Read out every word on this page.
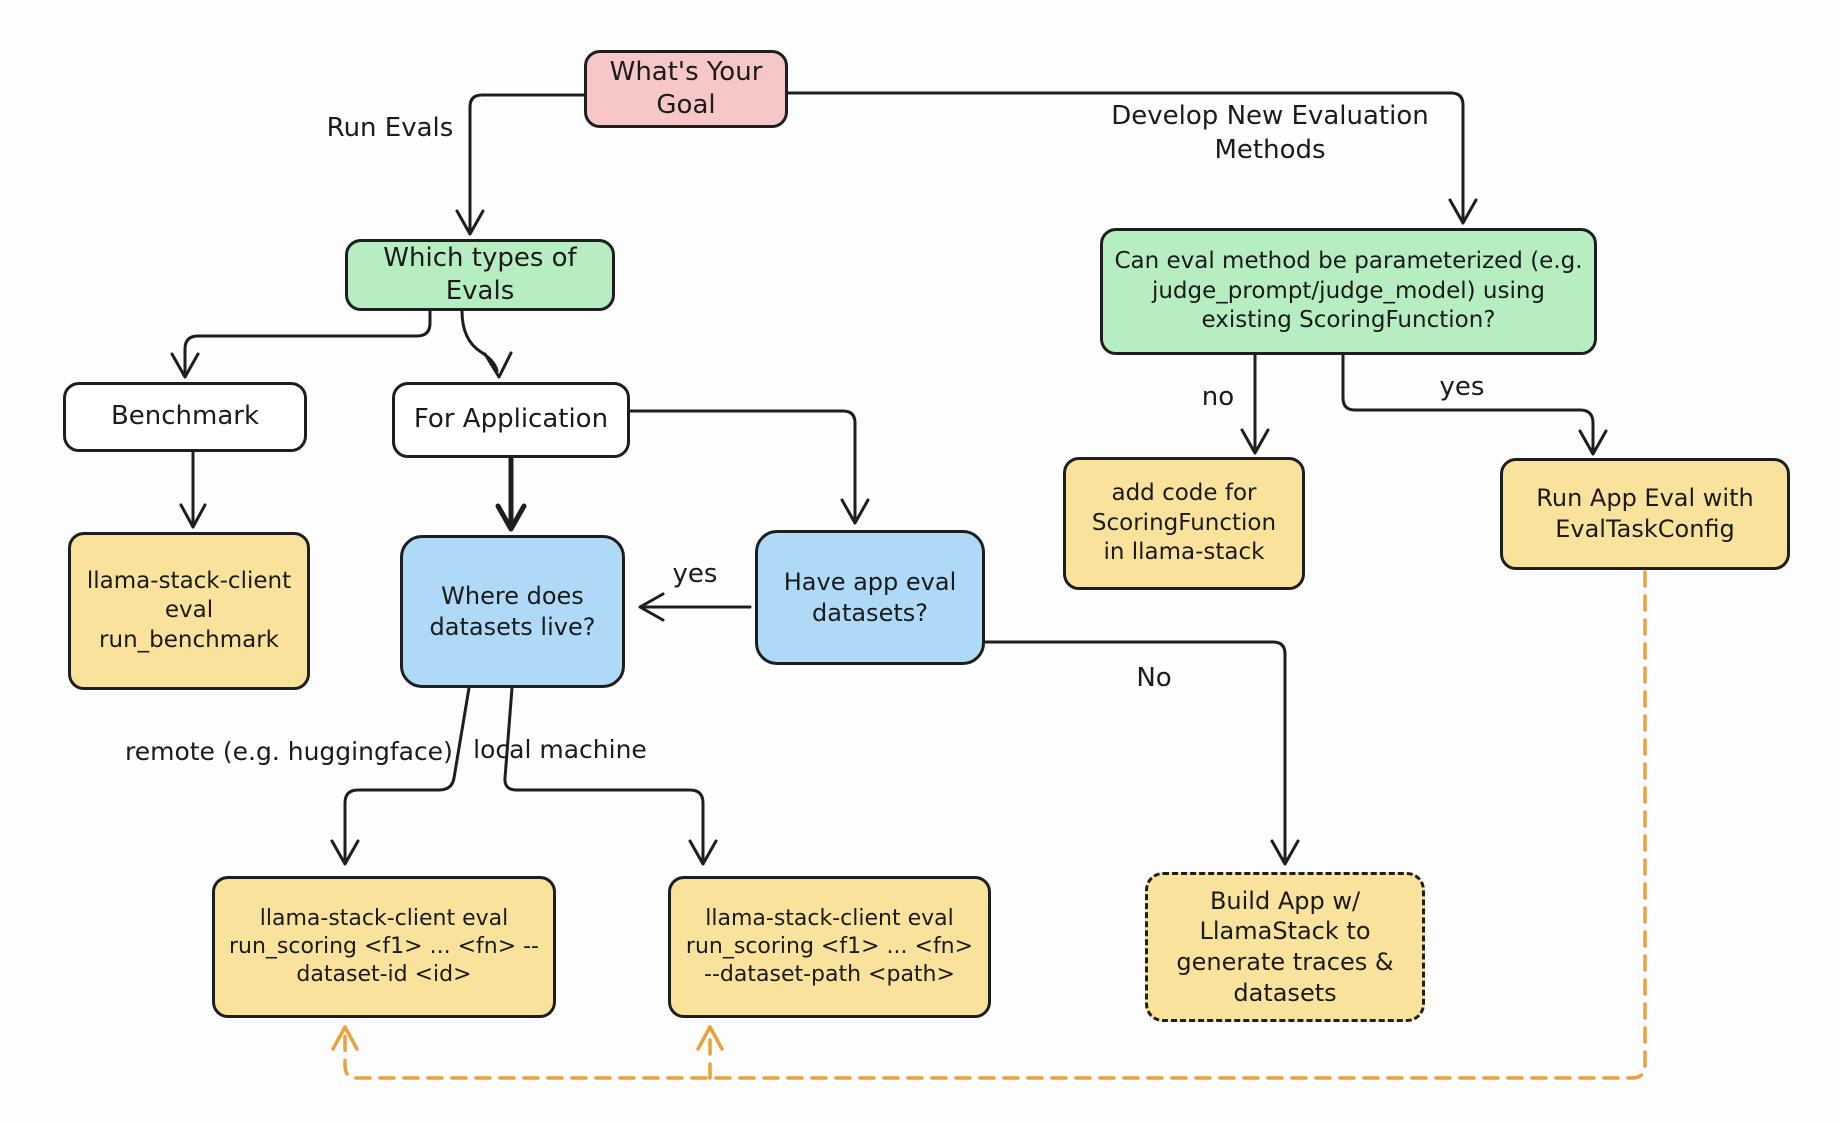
What's Your Goal
Which types of Evals
Can eval method be parameterized (e.g. judge_prompt/judge_model) using existing ScoringFunction?
Benchmark	For Application
llama-stack-client eval run_benchmark
Where does datasets live?
Have app eval datasets?
add code for ScoringFunction in llama-stack
Run App Eval with EvalTaskConfig
llama-stack-client eval run_scoring <f1> ... <fn> --dataset-id <id>
llama-stack-client eval run_scoring <f1> ... <fn> --dataset-path <path>
Build App w/ LlamaStack to generate traces & datasets
Run Evals	Develop New Evaluation Methods
no	yes
yes
No
remote (e.g. huggingface) local machine
